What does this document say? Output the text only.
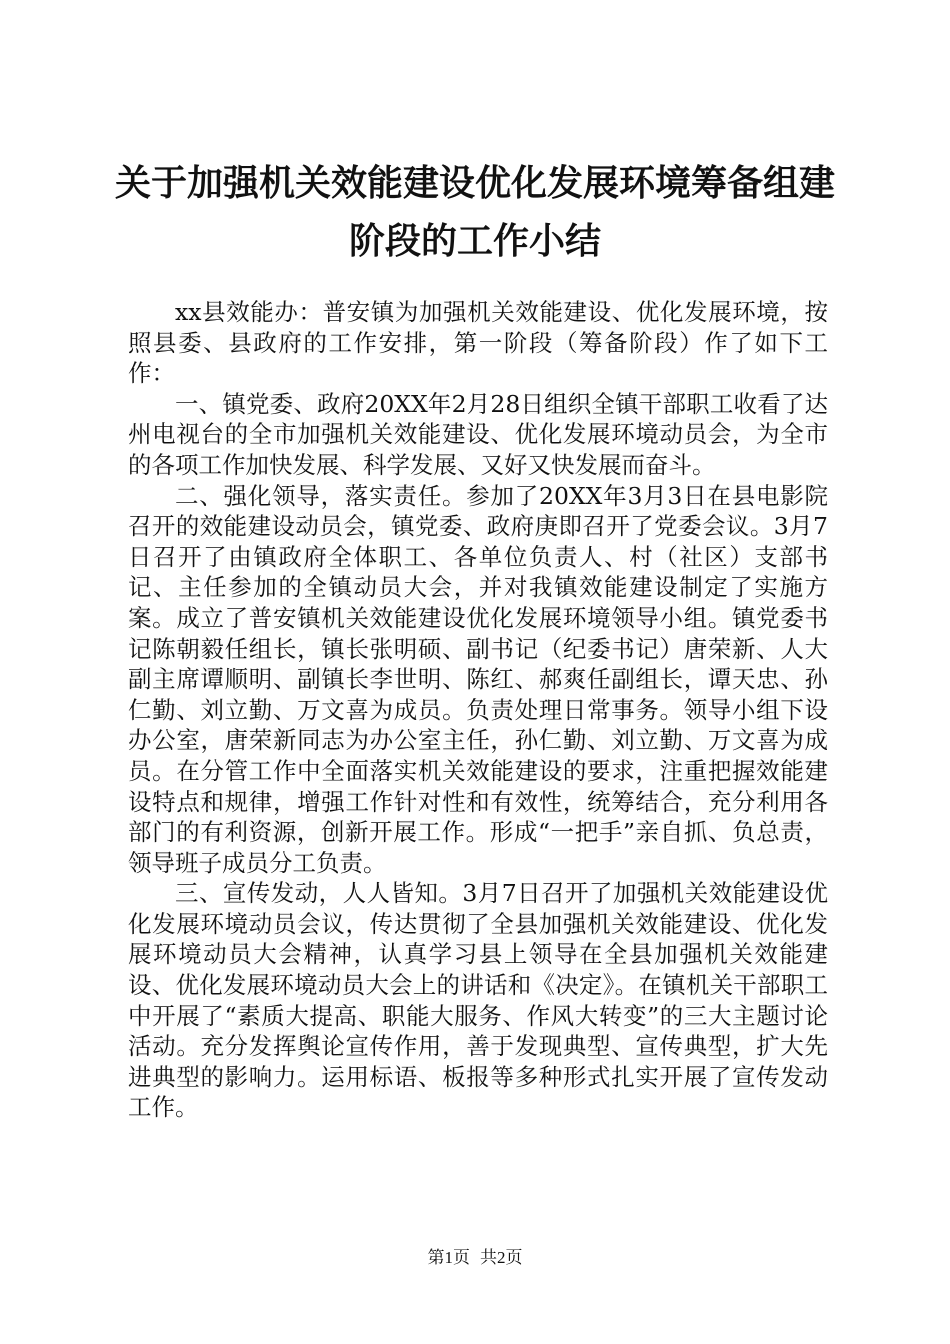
关于加强机关效能建设优化发展环境筹备组建
阶段的工作小结

xx县效能办：普安镇为加强机关效能建设、优化发展环境，按照县委、县政府的工作安排，第一阶段（筹备阶段）作了如下工作：

一、镇党委、政府20XX年2月28日组织全镇干部职工收看了达州电视台的全市加强机关效能建设、优化发展环境动员会，为全市的各项工作加快发展、科学发展、又好又快发展而奋斗。

二、强化领导，落实责任。参加了20XX年3月3日在县电影院召开的效能建设动员会，镇党委、政府庚即召开了党委会议。3月7日召开了由镇政府全体职工、各单位负责人、村（社区）支部书记、主任参加的全镇动员大会，并对我镇效能建设制定了实施方案。成立了普安镇机关效能建设优化发展环境领导小组。镇党委书记陈朝毅任组长，镇长张明硕、副书记（纪委书记）唐荣新、人大副主席谭顺明、副镇长李世明、陈红、郝爽任副组长，谭天忠、孙仁勤、刘立勤、万文喜为成员。负责处理日常事务。领导小组下设办公室，唐荣新同志为办公室主任，孙仁勤、刘立勤、万文喜为成员。在分管工作中全面落实机关效能建设的要求，注重把握效能建设特点和规律，增强工作针对性和有效性，统筹结合，充分利用各部门的有利资源，创新开展工作。形成“一把手”亲自抓、负总责，领导班子成员分工负责。

三、宣传发动，人人皆知。3月7日召开了加强机关效能建设优化发展环境动员会议，传达贯彻了全县加强机关效能建设、优化发展环境动员大会精神，认真学习县上领导在全县加强机关效能建设、优化发展环境动员大会上的讲话和《决定》。在镇机关干部职工中开展了“素质大提高、职能大服务、作风大转变”的三大主题讨论活动。充分发挥舆论宣传作用，善于发现典型、宣传典型，扩大先进典型的影响力。运用标语、板报等多种形式扎实开展了宣传发动工作。

第1页 共2页
